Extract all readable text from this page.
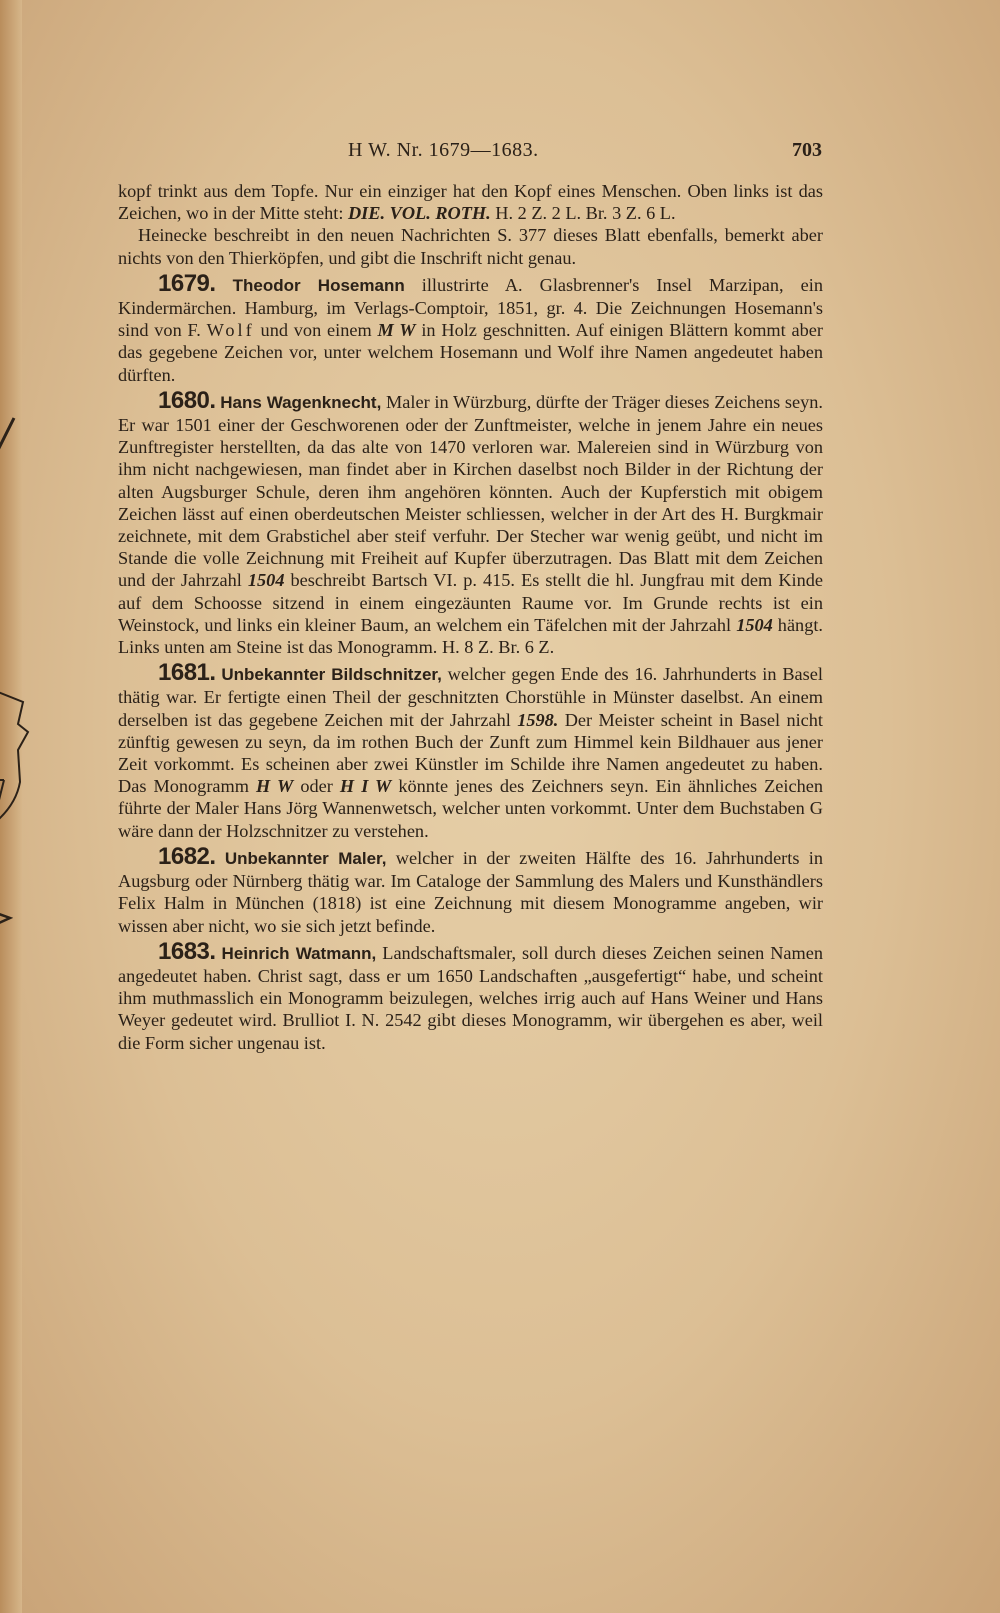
H W. Nr. 1679—1683.	703

kopf trinkt aus dem Topfe. Nur ein einziger hat den Kopf eines Menschen. Oben links ist das Zeichen, wo in der Mitte steht: DIE. VOL. ROTH. H. 2 Z. 2 L. Br. 3 Z. 6 L.

Heinecke beschreibt in den neuen Nachrichten S. 377 dieses Blatt ebenfalls, bemerkt aber nichts von den Thierköpfen, und gibt die Inschrift nicht genau.

1679. Theodor Hosemann
illustrirte A. Glasbrenner's Insel Marzipan, ein Kindermärchen. Hamburg, im Verlags-Comptoir, 1851, gr. 4. Die Zeichnungen Hosemann's sind von F. Wolf und von einem M W in Holz geschnitten. Auf einigen Blättern kommt aber das gegebene Zeichen vor, unter welchem Hosemann und Wolf ihre Namen angedeutet haben dürften.

1680. Hans Wagenknecht,
Maler in Würzburg, dürfte der Träger dieses Zeichens seyn. Er war 1501 einer der Geschworenen oder der Zunftmeister, welche in jenem Jahre ein neues Zunftregister herstellten, da das alte von 1470 verloren war. Malereien sind in Würzburg von ihm nicht nachgewiesen, man findet aber in Kirchen daselbst noch Bilder in der Richtung der alten Augsburger Schule, deren ihm angehören könnten. Auch der Kupferstich mit obigem Zeichen lässt auf einen oberdeutschen Meister schliessen, welcher in der Art des H. Burgkmair zeichnete, mit dem Grabstichel aber steif verfuhr. Der Stecher war wenig geübt, und nicht im Stande die volle Zeichnung mit Freiheit auf Kupfer überzutragen. Das Blatt mit dem Zeichen und der Jahrzahl 1504 beschreibt Bartsch VI. p. 415. Es stellt die hl. Jungfrau mit dem Kinde auf dem Schoosse sitzend in einem eingezäunten Raume vor. Im Grunde rechts ist ein Weinstock, und links ein kleiner Baum, an welchem ein Täfelchen mit der Jahrzahl 1504 hängt. Links unten am Steine ist das Monogramm. H. 8 Z. Br. 6 Z.

1681. Unbekannter Bildschnitzer,
welcher gegen Ende des 16. Jahrhunderts in Basel thätig war. Er fertigte einen Theil der geschnitzten Chorstühle in Münster daselbst. An einem derselben ist das gegebene Zeichen mit der Jahrzahl 1598. Der Meister scheint in Basel nicht zünftig gewesen zu seyn, da im rothen Buch der Zunft zum Himmel kein Bildhauer aus jener Zeit vorkommt. Es scheinen aber zwei Künstler im Schilde ihre Namen angedeutet zu haben. Das Monogramm H W oder H I W könnte jenes des Zeichners seyn. Ein ähnliches Zeichen führte der Maler Hans Jörg Wannenwetsch, welcher unten vorkommt. Unter dem Buchstaben G wäre dann der Holzschnitzer zu verstehen.

1682. Unbekannter Maler,
welcher in der zweiten Hälfte des 16. Jahrhunderts in Augsburg oder Nürnberg thätig war. Im Cataloge der Sammlung des Malers und Kunsthändlers Felix Halm in München (1818) ist eine Zeichnung mit diesem Monogramme angeben, wir wissen aber nicht, wo sie sich jetzt befinde.

1683. Heinrich Watmann,
Landschaftsmaler, soll durch dieses Zeichen seinen Namen angedeutet haben. Christ sagt, dass er um 1650 Landschaften „ausgefertigt“ habe, und scheint ihm muthmasslich ein Monogramm beizulegen, welches irrig auch auf Hans Weiner und Hans Weyer gedeutet wird. Brulliot I. N. 2542 gibt dieses Monogramm, wir übergehen es aber, weil die Form sicher ungenau ist.
